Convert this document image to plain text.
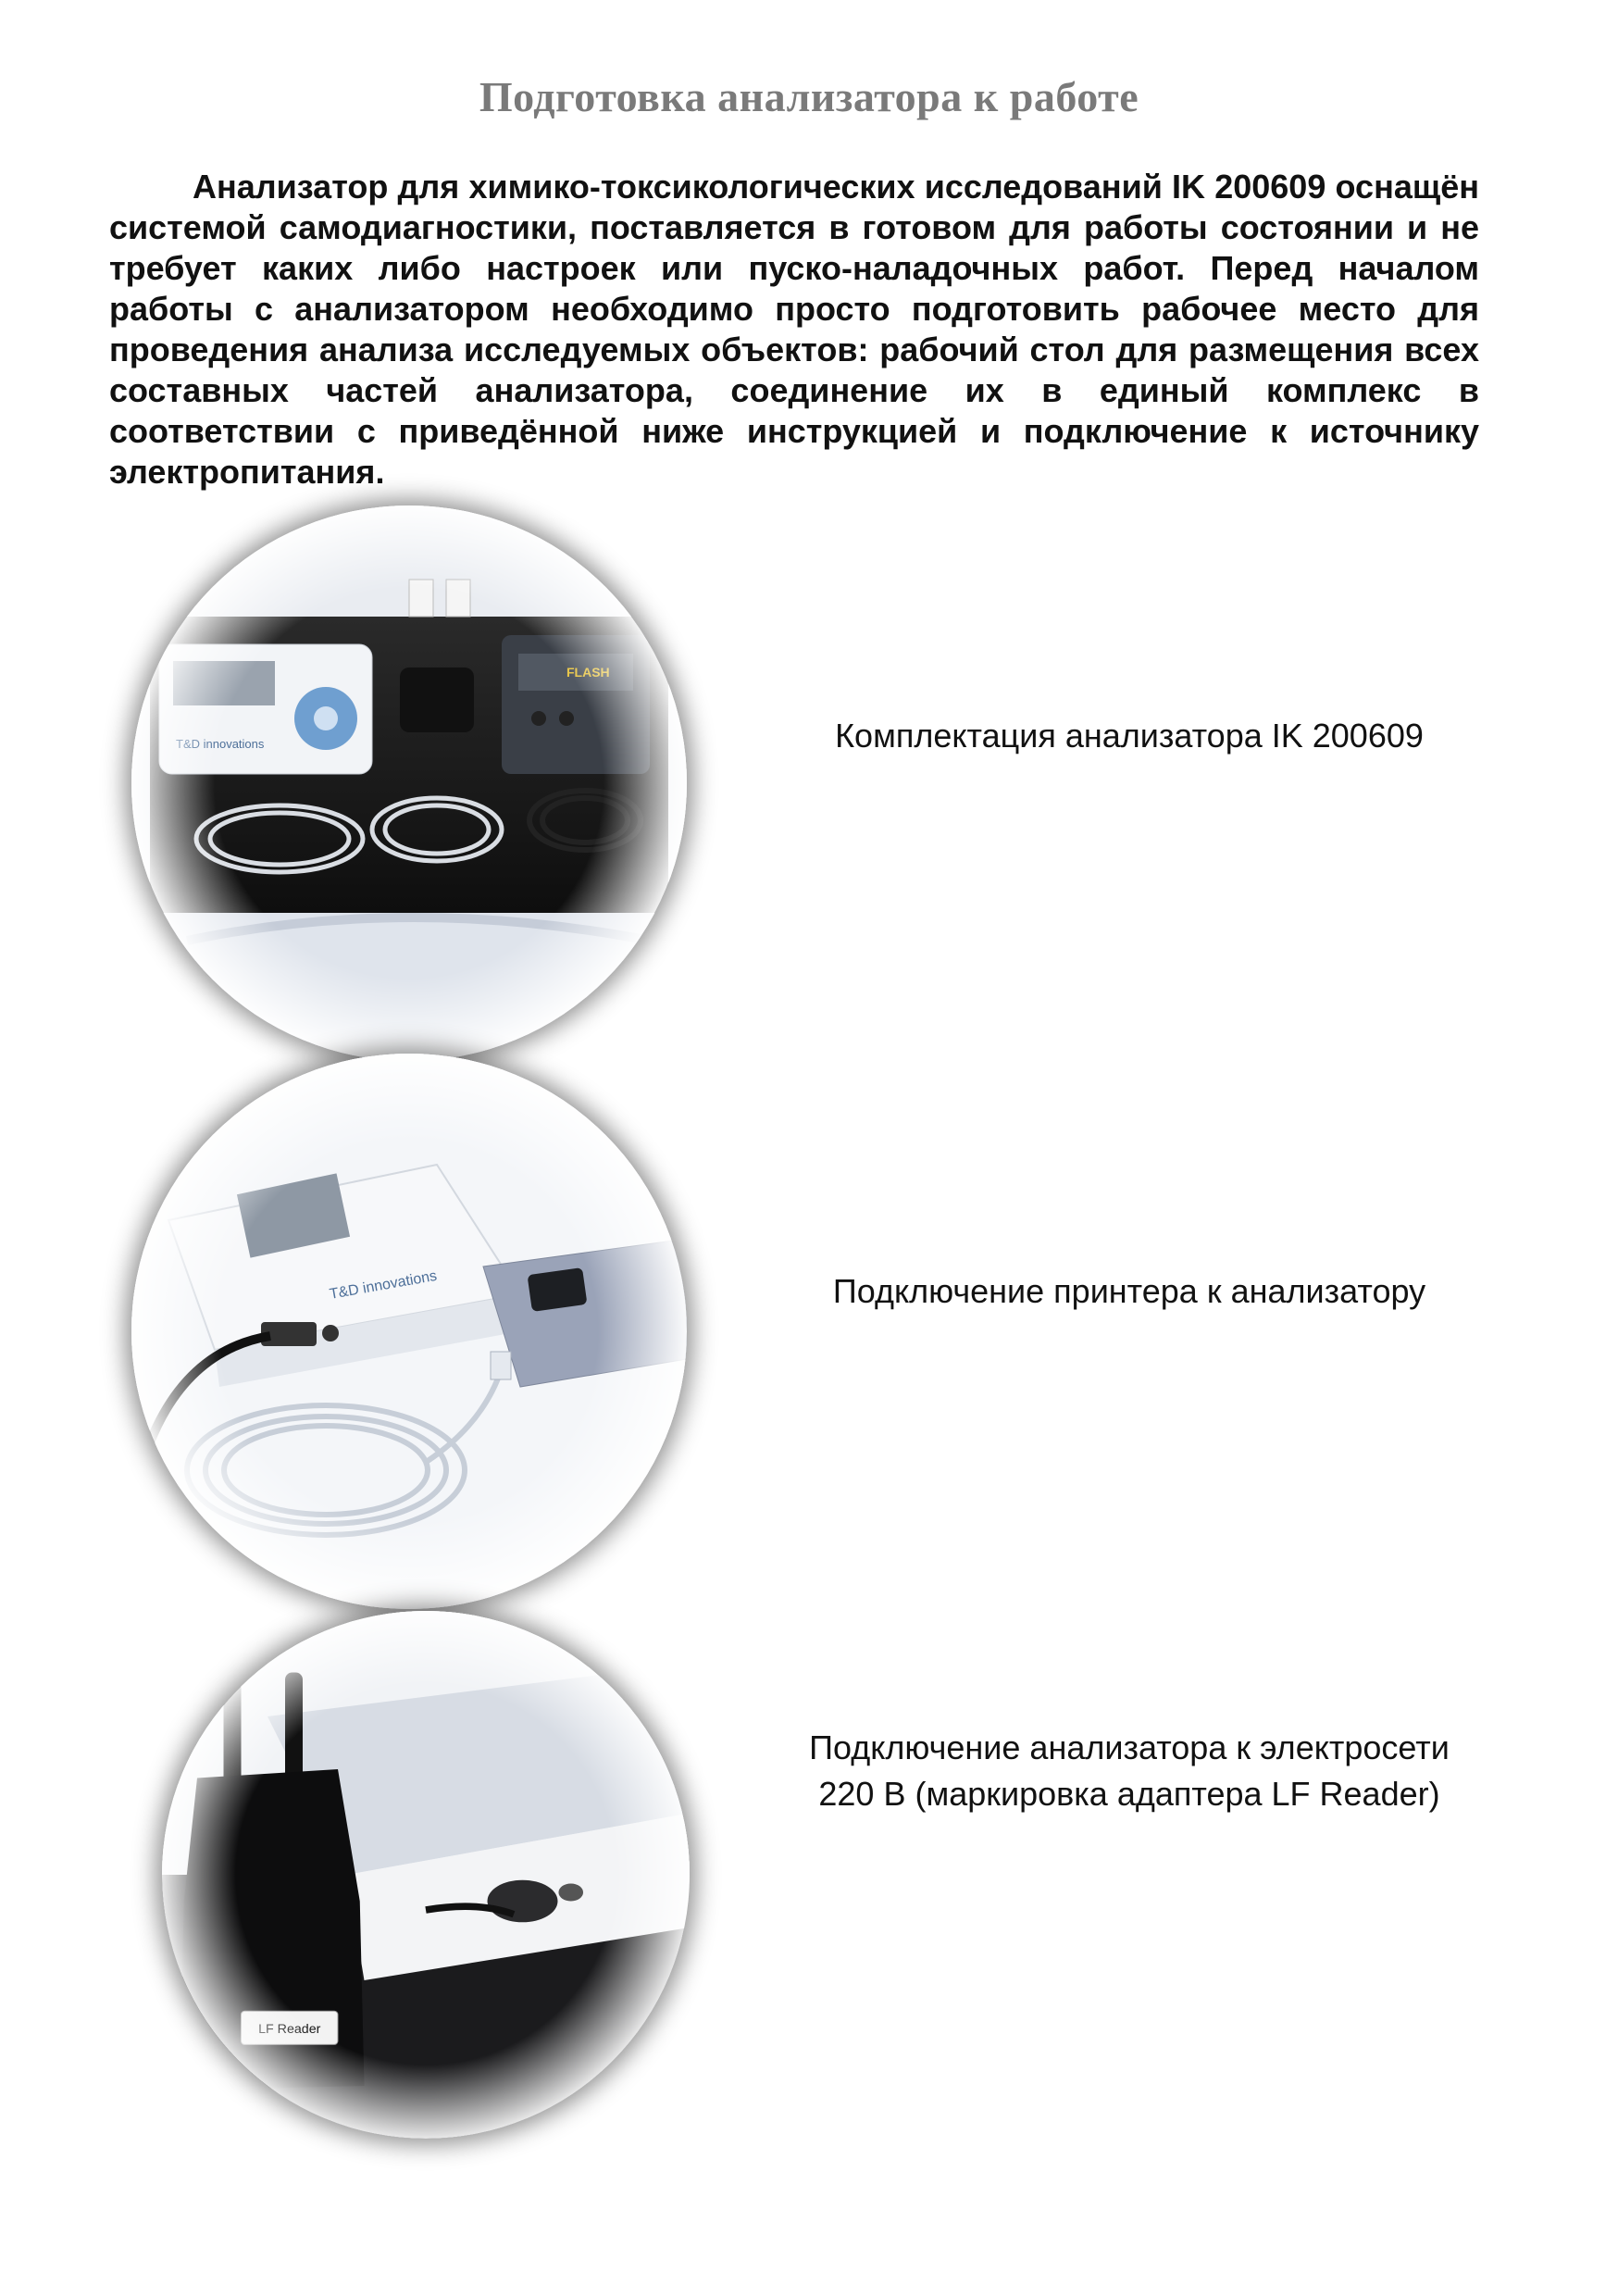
Подготовка анализатора к работе

Анализатор для химико-токсикологических исследований IK 200609 оснащён системой самодиагностики, поставляется в готовом для работы состоянии и не требует каких либо настроек или пуско-наладочных работ. Перед началом работы с анализатором необходимо просто подготовить рабочее место для проведения анализа исследуемых объектов: рабочий стол для размещения всех составных частей анализатора, соединение их в единый комплекс в соответствии с приведённой ниже инструкцией и подключение к источнику электропитания.

Комплектация анализатора IK 200609
Подключение принтера к анализатору
Подключение анализатора к электросети
220 В (маркировка адаптера LF Reader)
